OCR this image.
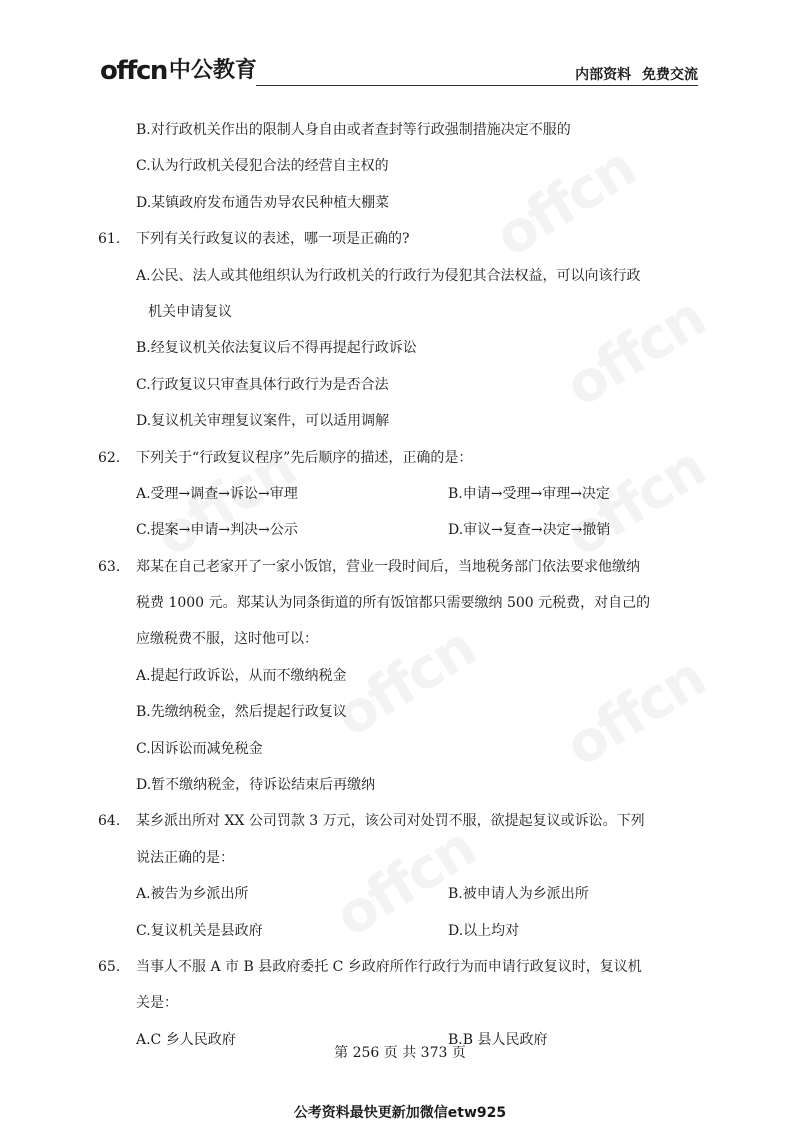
offcn 中公教育	内部资料 免费交流
B.对行政机关作出的限制人身自由或者查封等行政强制措施决定不服的
C.认为行政机关侵犯合法的经营自主权的
D.某镇政府发布通告劝导农民种植大棚菜
61.	下列有关行政复议的表述，哪一项是正确的?
A.公民、法人或其他组织认为行政机关的行政行为侵犯其合法权益，可以向该行政
机关申请复议
B.经复议机关依法复议后不得再提起行政诉讼
C.行政复议只审查具体行政行为是否合法
D.复议机关审理复议案件，可以适用调解
62.	下列关于“行政复议程序”先后顺序的描述，正确的是：
A.受理→调查→诉讼→审理	B.申请→受理→审理→决定
C.提案→申请→判决→公示	D.审议→复查→决定→撤销
63.	郑某在自己老家开了一家小饭馆，营业一段时间后，当地税务部门依法要求他缴纳
税费 1000 元。郑某认为同条街道的所有饭馆都只需要缴纳 500 元税费，对自己的
应缴税费不服，这时他可以：
A.提起行政诉讼，从而不缴纳税金
B.先缴纳税金，然后提起行政复议
C.因诉讼而减免税金
D.暂不缴纳税金，待诉讼结束后再缴纳
64.	某乡派出所对 XX 公司罚款 3 万元，该公司对处罚不服，欲提起复议或诉讼。下列
说法正确的是：
A.被告为乡派出所	B.被申请人为乡派出所
C.复议机关是县政府	D.以上均对
65.	当事人不服 A 市 B 县政府委托 C 乡政府所作行政行为而申请行政复议时，复议机
关是：
A.C 乡人民政府	B.B 县人民政府
第 256 页 共 373 页
公考资料最快更新加微信etw925
